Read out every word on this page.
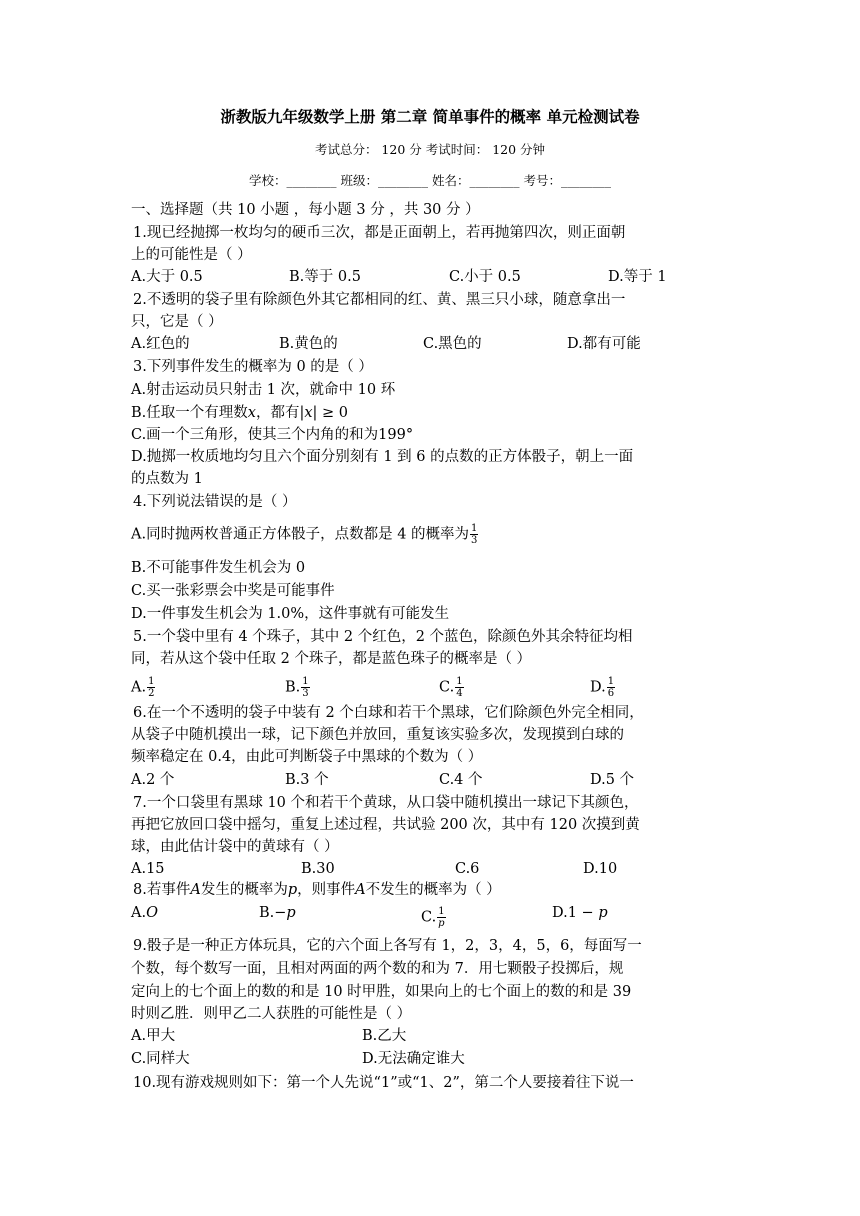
浙教版九年级数学上册 第二章 简单事件的概率 单元检测试卷
考试总分： 120 分 考试时间： 120 分钟
学校：________ 班级：________ 姓名：________ 考号：________
一、选择题（共 10 小题 ，每小题 3 分 ，共 30 分 ）
1.现已经抛掷一枚均匀的硬币三次，都是正面朝上，若再抛第四次，则正面朝
上的可能性是（ ）
A.大于 0.5	B.等于 0.5	C.小于 0.5	D.等于 1
2.不透明的袋子里有除颜色外其它都相同的红、黄、黑三只小球，随意拿出一
只，它是（ ）
A.红色的	B.黄色的	C.黑色的	D.都有可能
3.下列事件发生的概率为 0 的是（ ）
A.射击运动员只射击 1 次，就命中 10 环
B.任取一个有理数x，都有|x| ≥ 0
C.画一个三角形，使其三个内角的和为199°
D.抛掷一枚质地均匀且六个面分别刻有 1 到 6 的点数的正方体骰子，朝上一面
的点数为 1
4.下列说法错误的是（ ）
A.同时抛两枚普通正方体骰子，点数都是 4 的概率为 $\frac{1}{3}$
B.不可能事件发生机会为 0
C.买一张彩票会中奖是可能事件
D.一件事发生机会为 1.0%，这件事就有可能发生
5.一个袋中里有 4 个珠子，其中 2 个红色，2 个蓝色，除颜色外其余特征均相
同，若从这个袋中任取 2 个珠子，都是蓝色珠子的概率是（ ）
A. $\frac{1}{2}$	B. $\frac{1}{3}$	C. $\frac{1}{4}$	D. $\frac{1}{6}$
6.在一个不透明的袋子中装有 2 个白球和若干个黑球，它们除颜色外完全相同，
从袋子中随机摸出一球，记下颜色并放回，重复该实验多次，发现摸到白球的
频率稳定在 0.4，由此可判断袋子中黑球的个数为（ ）
A.2 个	B.3 个	C.4 个	D.5 个
7.一个口袋里有黑球 10 个和若干个黄球，从口袋中随机摸出一球记下其颜色，
再把它放回口袋中摇匀，重复上述过程，共试验 200 次，其中有 120 次摸到黄
球，由此估计袋中的黄球有（ ）
A.15	B.30	C.6	D.10
8.若事件A发生的概率为p，则事件A不发生的概率为（ ）
A.O	B.−p	C. $\frac{1}{p}$	D.1 − p
9.骰子是一种正方体玩具，它的六个面上各写有 1，2，3，4，5，6，每面写一
个数，每个数写一面，且相对两面的两个数的和为 7．用七颗骰子投掷后，规
定向上的七个面上的数的和是 10 时甲胜，如果向上的七个面上的数的和是 39
时则乙胜．则甲乙二人获胜的可能性是（ ）
A.甲大	B.乙大
C.同样大	D.无法确定谁大
10.现有游戏规则如下：第一个人先说“1”或“1、2”，第二个人要接着往下说一
